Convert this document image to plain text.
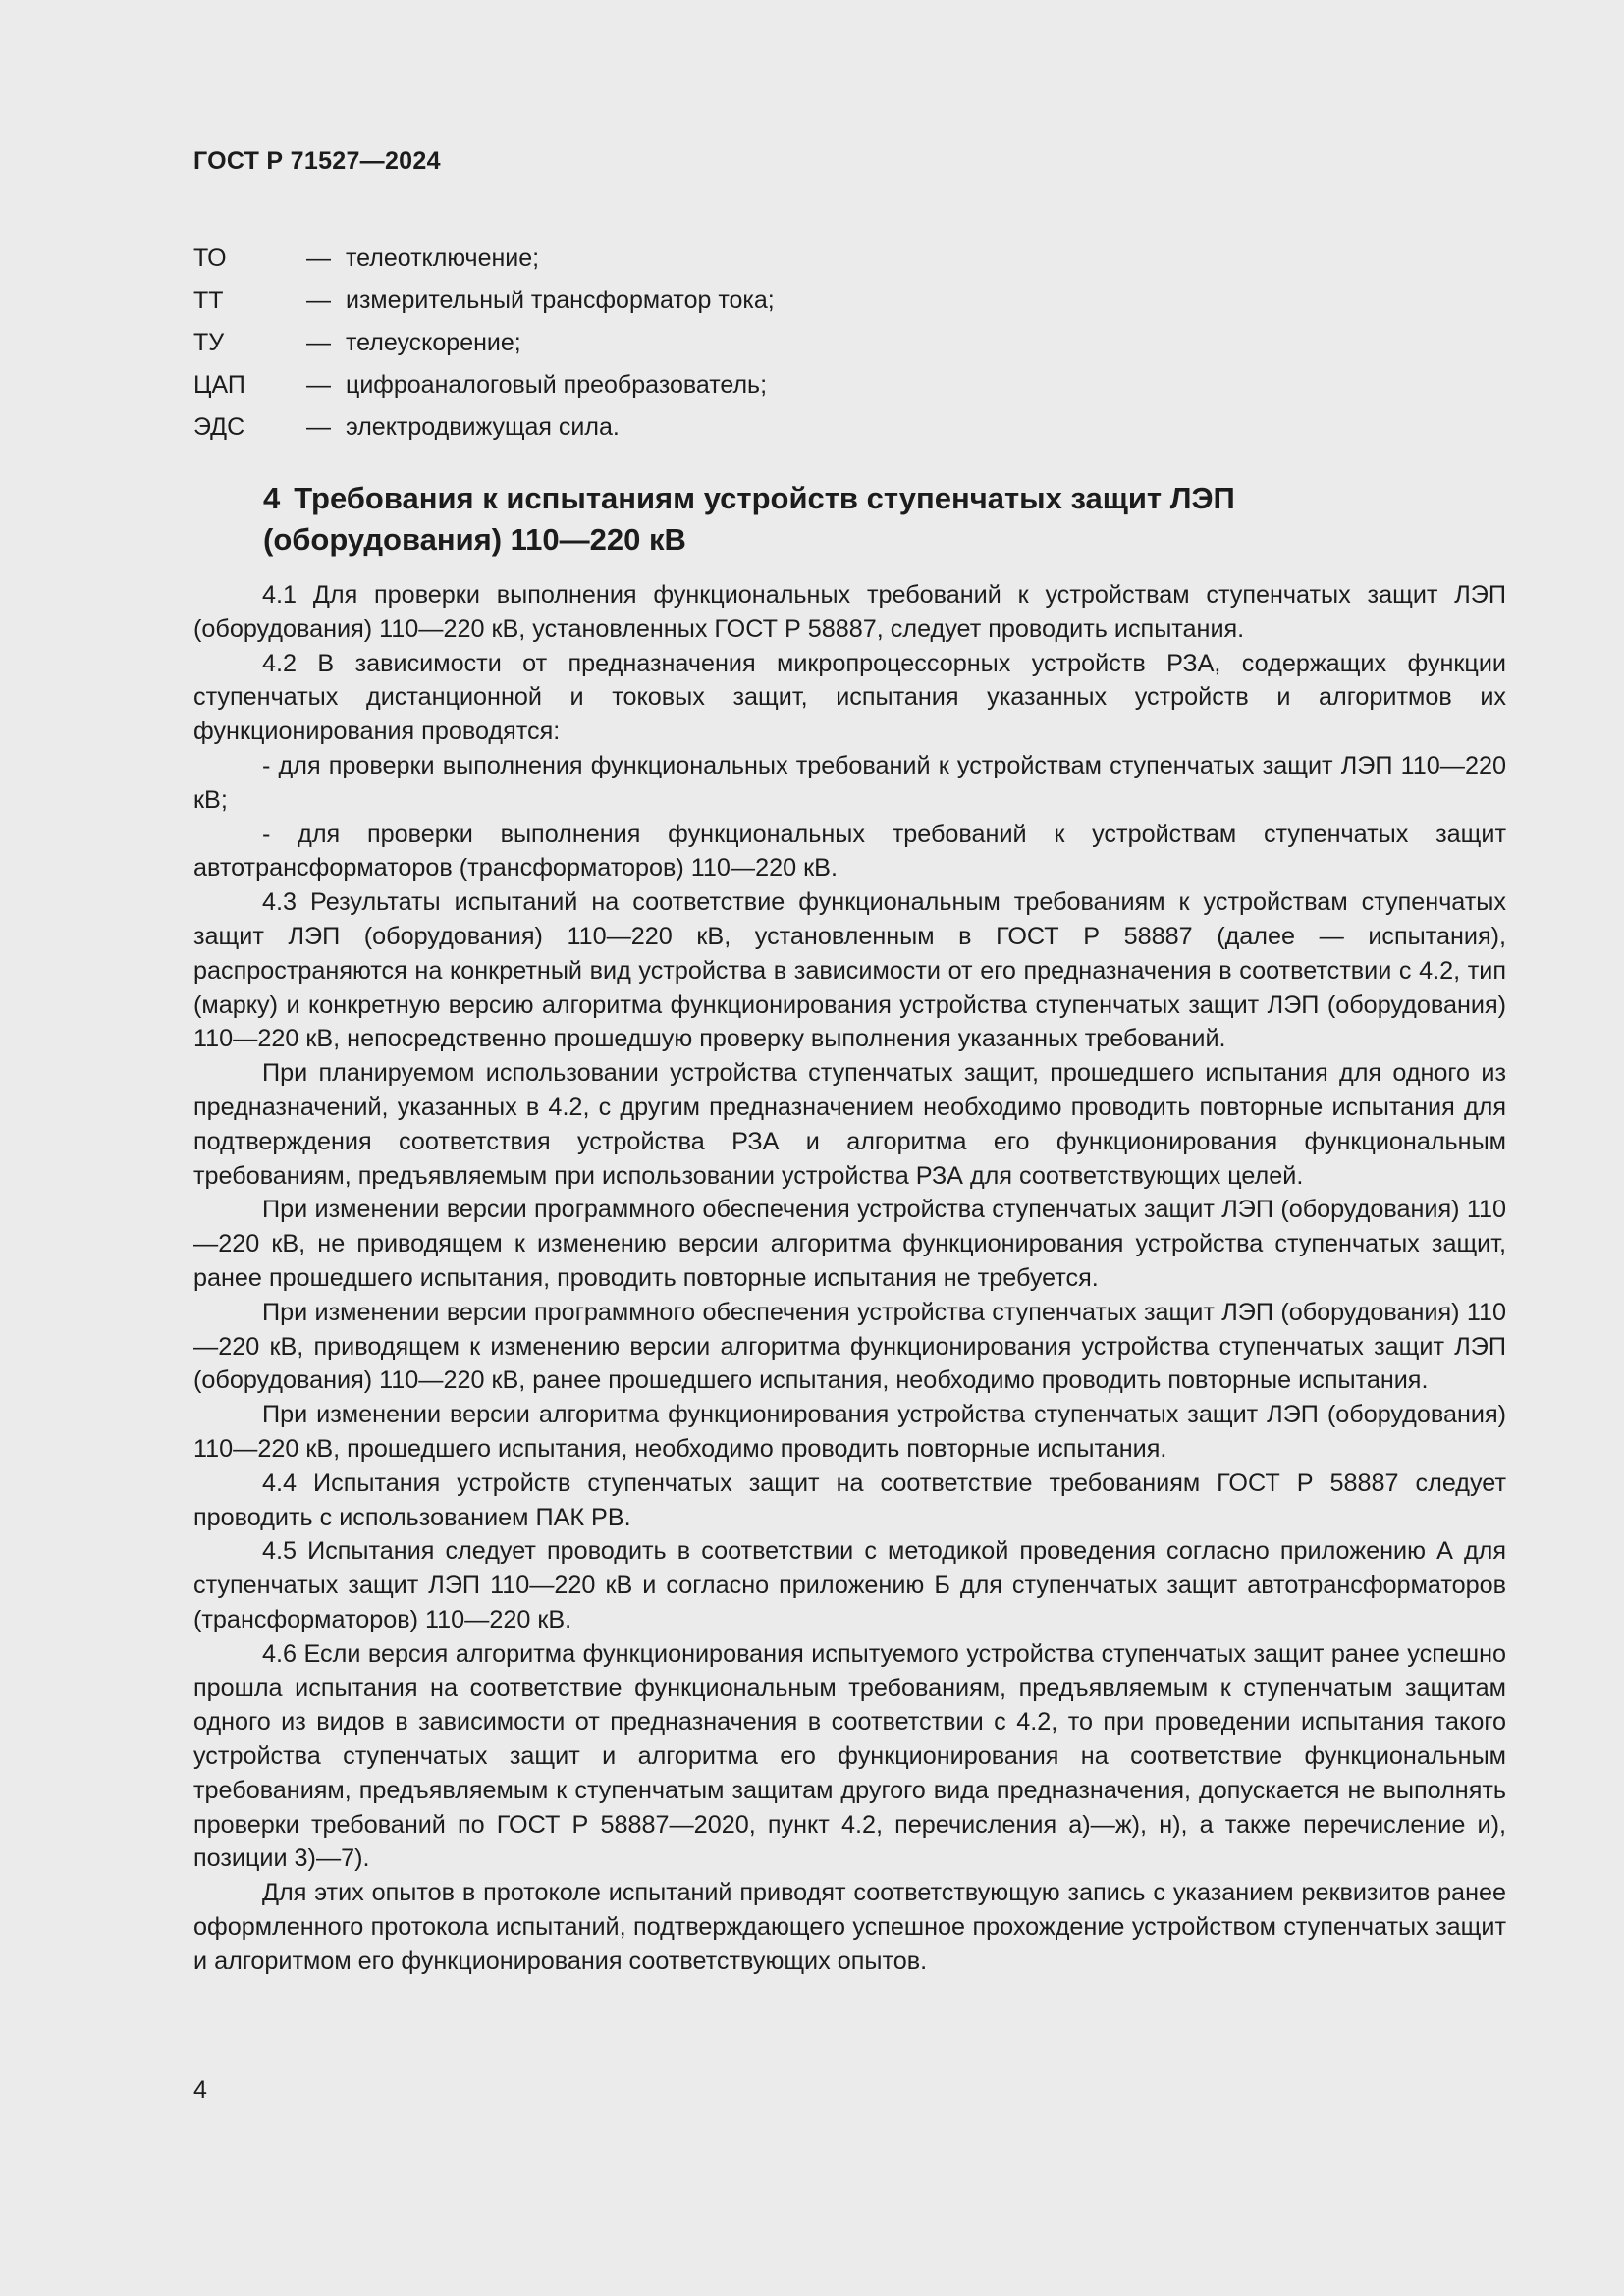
ГОСТ Р 71527—2024
ТО	— телеотключение;
ТТ	— измерительный трансформатор тока;
ТУ	— телеускорение;
ЦАП	— цифроаналоговый преобразователь;
ЭДС	— электродвижущая сила.
4 Требования к испытаниям устройств ступенчатых защит ЛЭП (оборудования) 110—220 кВ

4.1 Для проверки выполнения функциональных требований к устройствам ступенчатых защит ЛЭП (оборудования) 110—220 кВ, установленных ГОСТ Р 58887, следует проводить испытания.

4.2 В зависимости от предназначения микропроцессорных устройств РЗА, содержащих функции ступенчатых дистанционной и токовых защит, испытания указанных устройств и алгоритмов их функционирования проводятся:

- для проверки выполнения функциональных требований к устройствам ступенчатых защит ЛЭП 110—220 кВ;

- для проверки выполнения функциональных требований к устройствам ступенчатых защит автотрансформаторов (трансформаторов) 110—220 кВ.

4.3 Результаты испытаний на соответствие функциональным требованиям к устройствам ступенчатых защит ЛЭП (оборудования) 110—220 кВ, установленным в ГОСТ Р 58887 (далее — испытания), распространяются на конкретный вид устройства в зависимости от его предназначения в соответствии с 4.2, тип (марку) и конкретную версию алгоритма функционирования устройства ступенчатых защит ЛЭП (оборудования) 110—220 кВ, непосредственно прошедшую проверку выполнения указанных требований.

При планируемом использовании устройства ступенчатых защит, прошедшего испытания для одного из предназначений, указанных в 4.2, с другим предназначением необходимо проводить повторные испытания для подтверждения соответствия устройства РЗА и алгоритма его функционирования функциональным требованиям, предъявляемым при использовании устройства РЗА для соответствующих целей.

При изменении версии программного обеспечения устройства ступенчатых защит ЛЭП (оборудования) 110—220 кВ, не приводящем к изменению версии алгоритма функционирования устройства ступенчатых защит, ранее прошедшего испытания, проводить повторные испытания не требуется.

При изменении версии программного обеспечения устройства ступенчатых защит ЛЭП (оборудования) 110—220 кВ, приводящем к изменению версии алгоритма функционирования устройства ступенчатых защит ЛЭП (оборудования) 110—220 кВ, ранее прошедшего испытания, необходимо проводить повторные испытания.

При изменении версии алгоритма функционирования устройства ступенчатых защит ЛЭП (оборудования) 110—220 кВ, прошедшего испытания, необходимо проводить повторные испытания.

4.4 Испытания устройств ступенчатых защит на соответствие требованиям ГОСТ Р 58887 следует проводить с использованием ПАК РВ.

4.5 Испытания следует проводить в соответствии с методикой проведения согласно приложению А для ступенчатых защит ЛЭП 110—220 кВ и согласно приложению Б для ступенчатых защит автотрансформаторов (трансформаторов) 110—220 кВ.

4.6 Если версия алгоритма функционирования испытуемого устройства ступенчатых защит ранее успешно прошла испытания на соответствие функциональным требованиям, предъявляемым к ступенчатым защитам одного из видов в зависимости от предназначения в соответствии с 4.2, то при проведении испытания такого устройства ступенчатых защит и алгоритма его функционирования на соответствие функциональным требованиям, предъявляемым к ступенчатым защитам другого вида предназначения, допускается не выполнять проверки требований по ГОСТ Р 58887—2020, пункт 4.2, перечисления а)—ж), н), а также перечисление и), позиции 3)—7).

Для этих опытов в протоколе испытаний приводят соответствующую запись с указанием реквизитов ранее оформленного протокола испытаний, подтверждающего успешное прохождение устройством ступенчатых защит и алгоритмом его функционирования соответствующих опытов.

4
